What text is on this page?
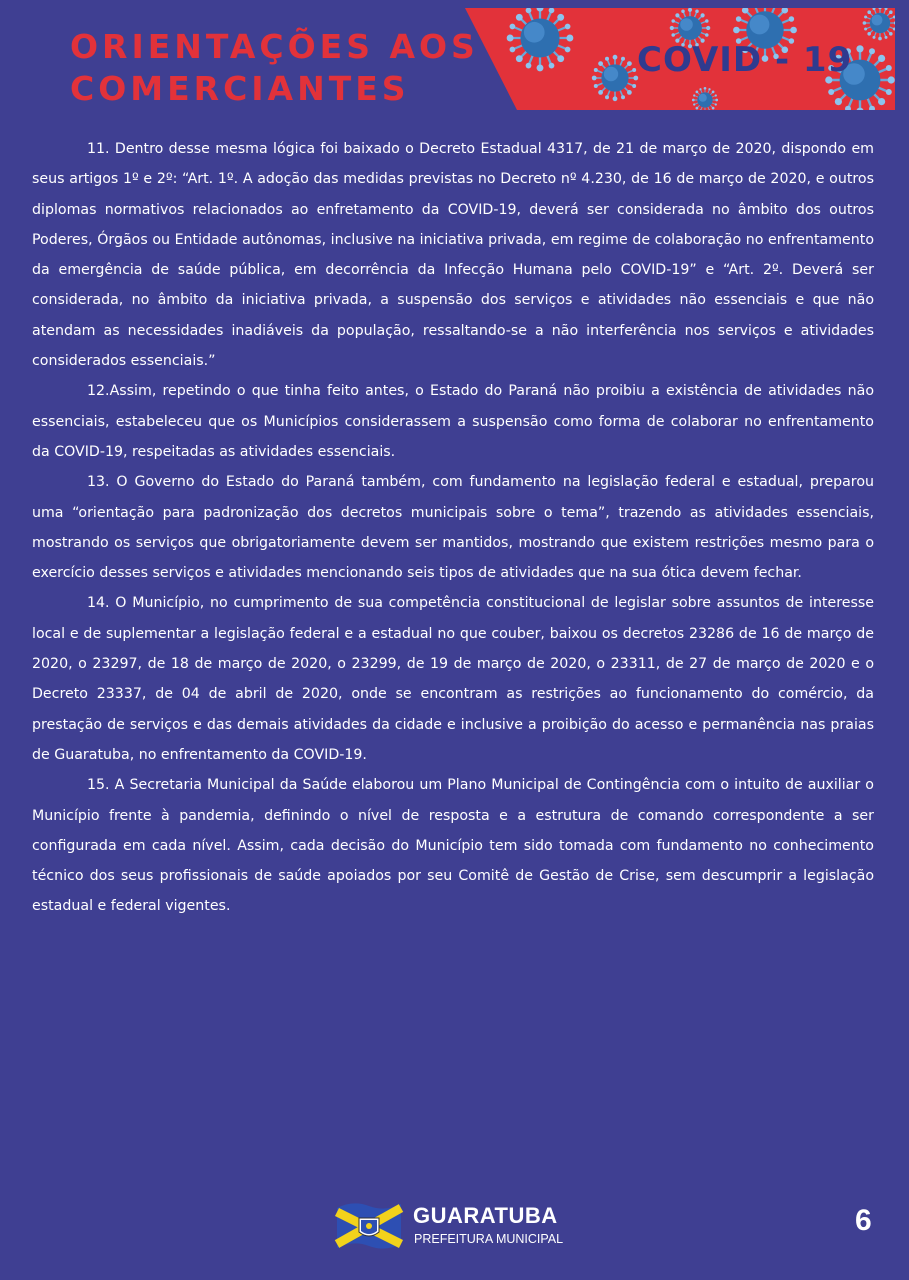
ORIENTAÇÕES AOS
COMERCIANTES
COVID - 19

11. Dentro desse mesma lógica foi baixado o Decreto Estadual 4317, de 21 de março de 2020, dispondo em seus artigos 1º e 2º: “Art. 1º. A adoção das medidas previstas no Decreto nº 4.230, de 16 de março de 2020, e outros diplomas normativos relacionados ao enfretamento da COVID-19, deverá ser considerada no âmbito dos outros Poderes, Órgãos ou Entidade autônomas, inclusive na iniciativa privada, em regime de colaboração no enfrentamento da emergência de saúde pública, em decorrência da Infecção Humana pelo COVID-19” e “Art. 2º. Deverá ser considerada, no âmbito da iniciativa privada, a suspensão dos serviços e atividades não essenciais e que não atendam as necessidades inadiáveis da população, ressaltando-se a não interferência nos serviços e atividades considerados essenciais.”

12.Assim, repetindo o que tinha feito antes, o Estado do Paraná não proibiu a existência de atividades não essenciais, estabeleceu que os Municípios considerassem a suspensão como forma de colaborar no enfrentamento da COVID-19, respeitadas as atividades essenciais.

13. O Governo do Estado do Paraná também, com fundamento na legislação federal e estadual, preparou uma “orientação para padronização dos decretos municipais sobre o tema”, trazendo as atividades essenciais, mostrando os serviços que obrigatoriamente devem ser mantidos, mostrando que existem restrições mesmo para o exercício desses serviços e atividades mencionando seis tipos de atividades que na sua ótica devem fechar.

14. O Município, no cumprimento de sua competência constitucional de legislar sobre assuntos de interesse local e de suplementar a legislação federal e a estadual no que couber, baixou os decretos 23286 de 16 de março de 2020, o 23297, de 18 de março de 2020, o 23299, de 19 de março de 2020, o 23311, de 27 de março de 2020 e o Decreto 23337, de 04 de abril de 2020, onde se encontram as restrições ao funcionamento do comércio, da prestação de serviços e das demais atividades da cidade e inclusive a proibição do acesso e permanência nas praias de Guaratuba, no enfrentamento da COVID-19.

15. A Secretaria Municipal da Saúde elaborou um Plano Municipal de Contingência com o intuito de auxiliar o Município frente à pandemia, definindo o nível de resposta e a estrutura de comando correspondente a ser configurada em cada nível. Assim, cada decisão do Município tem sido tomada com fundamento no conhecimento técnico dos seus profissionais de saúde apoiados por seu Comitê de Gestão de Crise, sem descumprir a legislação estadual e federal vigentes.

GUARATUBA
PREFEITURA MUNICIPAL
6
